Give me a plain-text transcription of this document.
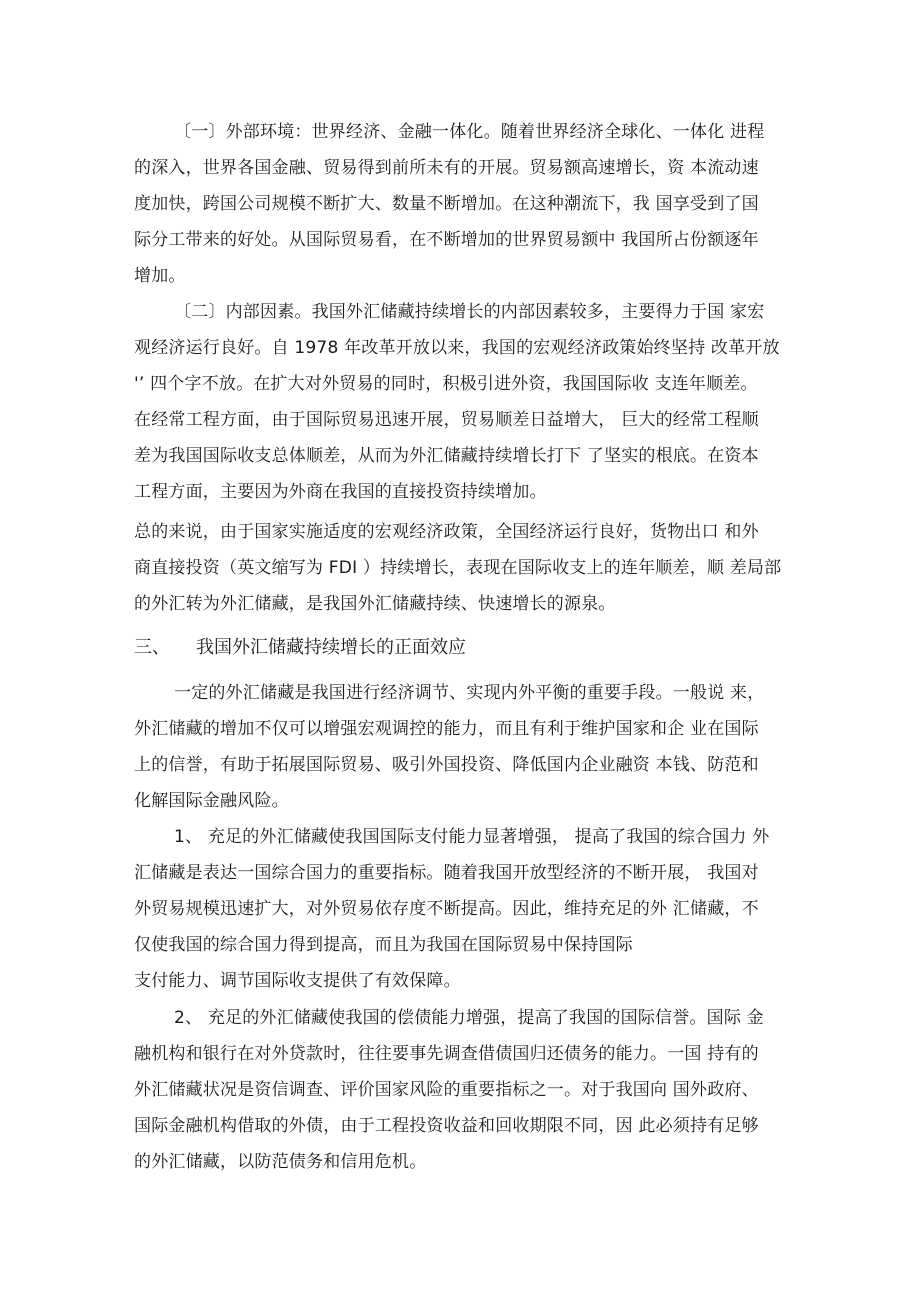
〔一〕外部环境：世界经济、金融一体化。随着世界经济全球化、一体化 进程
的深入，世界各国金融、贸易得到前所未有的开展。贸易额高速增长，资 本流动速
度加快，跨国公司规模不断扩大、数量不断增加。在这种潮流下，我 国享受到了国
际分工带来的好处。从国际贸易看，在不断增加的世界贸易额中 我国所占份额逐年
增加。
〔二〕内部因素。我国外汇储藏持续增长的内部因素较多，主要得力于国 家宏
观经济运行良好。自 1978 年改革开放以来，我国的宏观经济政策始终坚持 改革开放
'’ 四个字不放。在扩大对外贸易的同时，积极引进外资，我国国际收 支连年顺差。
在经常工程方面，由于国际贸易迅速开展，贸易顺差日益增大， 巨大的经常工程顺
差为我国国际收支总体顺差，从而为外汇储藏持续增长打下 了坚实的根底。在资本
工程方面，主要因为外商在我国的直接投资持续增加。
总的来说，由于国家实施适度的宏观经济政策，全国经济运行良好，货物出口 和外
商直接投资（英文缩写为 FDI ）持续增长，表现在国际收支上的连年顺差，顺 差局部
的外汇转为外汇储藏，是我国外汇储藏持续、快速增长的源泉。
三、 我国外汇储藏持续增长的正面效应
一定的外汇储藏是我国进行经济调节、实现内外平衡的重要手段。一般说 来，
外汇储藏的增加不仅可以增强宏观调控的能力，而且有利于维护国家和企 业在国际
上的信誉，有助于拓展国际贸易、吸引外国投资、降低国内企业融资 本钱、防范和
化解国际金融风险。
1、 充足的外汇储藏使我国国际支付能力显著增强， 提高了我国的综合国力 外
汇储藏是表达一国综合国力的重要指标。随着我国开放型经济的不断开展， 我国对
外贸易规模迅速扩大，对外贸易依存度不断提高。因此，维持充足的外 汇储藏，不
仅使我国的综合国力得到提高，而且为我国在国际贸易中保持国际
支付能力、调节国际收支提供了有效保障。
2、 充足的外汇储藏使我国的偿债能力增强，提高了我国的国际信誉。国际 金
融机构和银行在对外贷款时，往往要事先调查借债国归还债务的能力。一国 持有的
外汇储藏状况是资信调查、评价国家风险的重要指标之一。对于我国向 国外政府、
国际金融机构借取的外债，由于工程投资收益和回收期限不同，因 此必须持有足够
的外汇储藏，以防范债务和信用危机。
